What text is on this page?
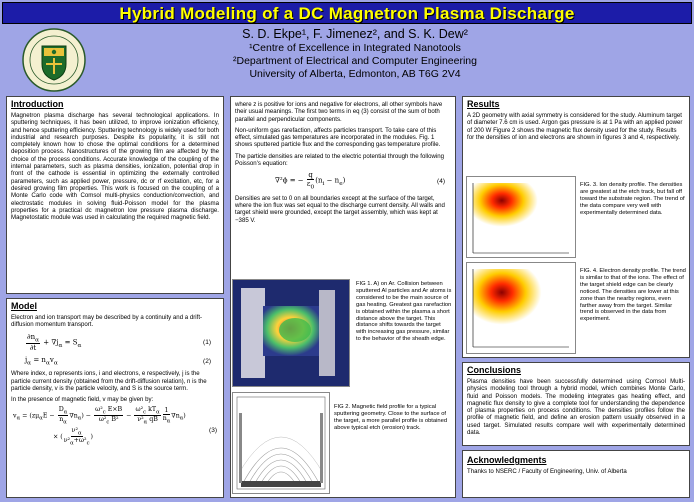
Hybrid Modeling of a DC Magnetron Plasma Discharge
S. D. Ekpe¹, F. Jimenez², and S. K. Dew²
¹Centre of Excellence in Integrated Nanotools
²Department of Electrical and Computer Engineering
University of Alberta, Edmonton, AB T6G 2V4
Introduction
Magnetron plasma discharge has several technological applications. In sputtering techniques, it has been utilized, to improve ionization efficiency, and hence sputtering efficiency. Sputtering technology is widely used for both industrial and research purposes. Despite its popularity, it is still not completely known how to chose the optimal conditions for a determined deposition process. Nanostructures of the growing film are affected by the choice of the process conditions. Accurate knowledge of the coupling of the internal parameters, such as plasma densities, ionization, potential drop in front of the cathode is essential in optimizing the externally controlled parameters, such as applied power, pressure, dc or rf excitation, etc, for a desired growing film properties. This work is focused on the coupling of a Monte Carlo code with Comsol multi-physics conduction/convection, and electrostatic modules in solving fluid-Poisson model for the plasma properties for a practical dc magnetron low pressure plasma discharge. Magnetostatic module was used in calculating the required magnetic field.
Model
Electron and ion transport may be described by a continuity and a drift-diffusion momentum transport.
$\frac{\partial n_\alpha}{\partial t} + \nabla j_\alpha = S_\alpha$	(1)
$j_\alpha = n_\alpha v_\alpha$	(2)
Where index, α represents ions, i and electrons, e respectively, j is the particle current density (obtained from the drift-diffusion relation), n is the particle density, v is the particle velocity, and S is the source term.
In the presence of magnetic field, v may be given by:
$v_\alpha = (z\mu_\alpha E - \frac{D_\alpha}{n_\alpha} \nabla n_\alpha) - \frac{\omega^2_c E\times B}{\omega^2_c B^2} - \frac{\omega^2_c kT_\alpha}{\nu^2_\alpha qB} \frac{1}{n_\alpha} \nabla n_\alpha$)
× ( $\frac{\nu^2_\alpha}{\nu^2_\alpha+\omega^2_c}$ )
(3)
where z is positive for ions and negative for electrons, all other symbols have their usual meanings. The first two terms in eq (3) consist of the sum of both parallel and perpendicular components.
Non-uniform gas rarefaction, affects particles transport. To take care of this effect, simulated gas temperatures are incorporated in the modules. Fig. 1 shows sputtered particle flux and the corresponding gas temperature profile.
The particle densities are related to the electric potential through the following Poisson's equation:
∇²ϕ = − $\frac{q}{\varepsilon_0} (n_i - n_e)$	(4)
Densities are set to 0 on all boundaries except at the surface of the target, where the ion flux was set equal to the discharge current density. All walls and target shield were grounded, except the target assembly, which was kept at −385 V.
FIG 1. A) on Ar. Collision between sputtered Al particles and Ar atoms is considered to be the main source of gas heating. Greatest gas rarefaction is obtained within the plasma a short distance above the target. This distance shifts towards the target with increasing gas pressure, similar to the behavior of the sheath edge.
FIG 2. Magnetic field profile for a typical sputtering geometry. Close to the surface of the target, a more parallel profile is obtained above typical etch (erosion) track.
Results
A 2D geometry with axial symmetry is considered for the study. Aluminum target of diameter 7.6 cm is used. Argon gas pressure is at 1 Pa with an applied power of 200 W Figure 2 shows the magnetic flux density used for the study. Results for the densities of ion and electrons are shown in figures 3 and 4, respectively.
FIG. 3. Ion density profile. The densities are greatest at the etch track, but fall off toward the substrate region. The trend of the data compare very well with experimentally determined data.
FIG. 4. Electron density profile. The trend is similar to that of the ions. The effect of the target shield edge can be clearly noticed. The densities are lower at this zone than the nearby regions, even farther away from the target. Similar trend is observed in the data from experiment.
Conclusions
Plasma densities have been successfully determined using Comsol Multi-physics modeling tool through a hybrid model, which combines Monte Carlo, fluid and Poisson models. The modeling integrates gas heating effect, and magnetic flux density to give a complete tool for understanding the dependence of plasma properties on process conditions. The densities profiles follow the profile of magnetic field, and define an erosion pattern usually observed in a used target. Simulated results compare well with experimentally determined data.
Acknowledgments
Thanks to NSERC / Faculty of Engineering, Univ. of Alberta
